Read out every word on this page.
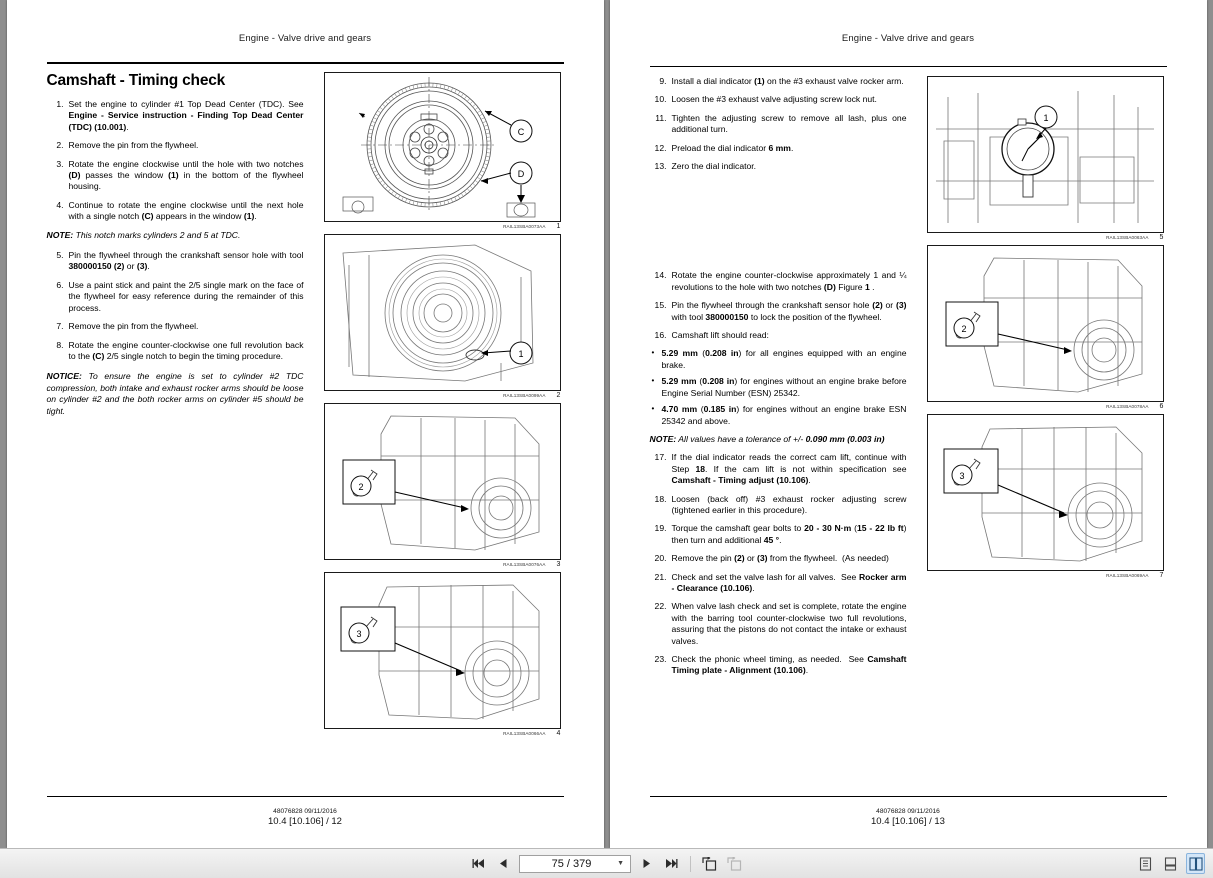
Engine - Valve drive and gears
Camshaft - Timing check
1. Set the engine to cylinder #1 Top Dead Center (TDC). See Engine - Service instruction - Finding Top Dead Center (TDC) (10.001).
2. Remove the pin from the flywheel.
3. Rotate the engine clockwise until the hole with two notches (D) passes the window (1) in the bottom of the flywheel housing.
4. Continue to rotate the engine clockwise until the next hole with a single notch (C) appears in the window (1).
NOTE: This notch marks cylinders 2 and 5 at TDC.
5. Pin the flywheel through the crankshaft sensor hole with tool 380000150 (2) or (3).
6. Use a paint stick and paint the 2/5 single mark on the face of the flywheel for easy reference during the remainder of this process.
7. Remove the pin from the flywheel.
8. Rotate the engine counter-clockwise one full revolution back to the (C) 2/5 single notch to begin the timing procedure.
NOTICE: To ensure the engine is set to cylinder #2 TDC compression, both intake and exhaust rocker arms should be loose on cylinder #2 and the both rocker arms on cylinder #5 should be tight.
C
D
RAIL13SBA0073AA 1
1
RAIL13SBA0099AA 2
2
RAIL13SBA0076AA 3
3
RAIL13SBA0066AA 4
48076828 09/11/2016
10.4 [10.106] / 12
Engine - Valve drive and gears
9. Install a dial indicator (1) on the #3 exhaust valve rocker arm.
10. Loosen the #3 exhaust valve adjusting screw lock nut.
11. Tighten the adjusting screw to remove all lash, plus one additional turn.
12. Preload the dial indicator 6 mm.
13. Zero the dial indicator.
14. Rotate the engine counter-clockwise approximately 1 and ¼ revolutions to the hole with two notches (D) Figure 1 .
15. Pin the flywheel through the crankshaft sensor hole (2) or (3) with tool 380000150 to lock the position of the flywheel.
16. Camshaft lift should read:
• 5.29 mm (0.208 in) for all engines equipped with an engine brake.
• 5.29 mm (0.208 in) for engines without an engine brake before Engine Serial Number (ESN) 25342.
• 4.70 mm (0.185 in) for engines without an engine brake ESN 25342 and above.
NOTE: All values have a tolerance of +/- 0.090 mm (0.003 in)
17. If the dial indicator reads the correct cam lift, continue with Step 18. If the cam lift is not within specification see Camshaft - Timing adjust (10.106).
18. Loosen (back off) #3 exhaust rocker adjusting screw (tightened earlier in this procedure).
19. Torque the camshaft gear bolts to 20 - 30 N·m (15 - 22 lb ft) then turn and additional 45 °.
20. Remove the pin (2) or (3) from the flywheel.  (As needed)
21. Check and set the valve lash for all valves.  See Rocker arm - Clearance (10.106).
22. When valve lash check and set is complete, rotate the engine with the barring tool counter-clockwise two full revolutions, assuring that the pistons do not contact the intake or exhaust valves.
23. Check the phonic wheel timing, as needed.  See Camshaft Timing plate - Alignment (10.106).
1
RAIL13SBA0063AA 5
2
RAIL13SBA0078AA 6
3
RAIL13SBA0069AA 7
48076828 09/11/2016
10.4 [10.106] / 13
75 / 379	▼
